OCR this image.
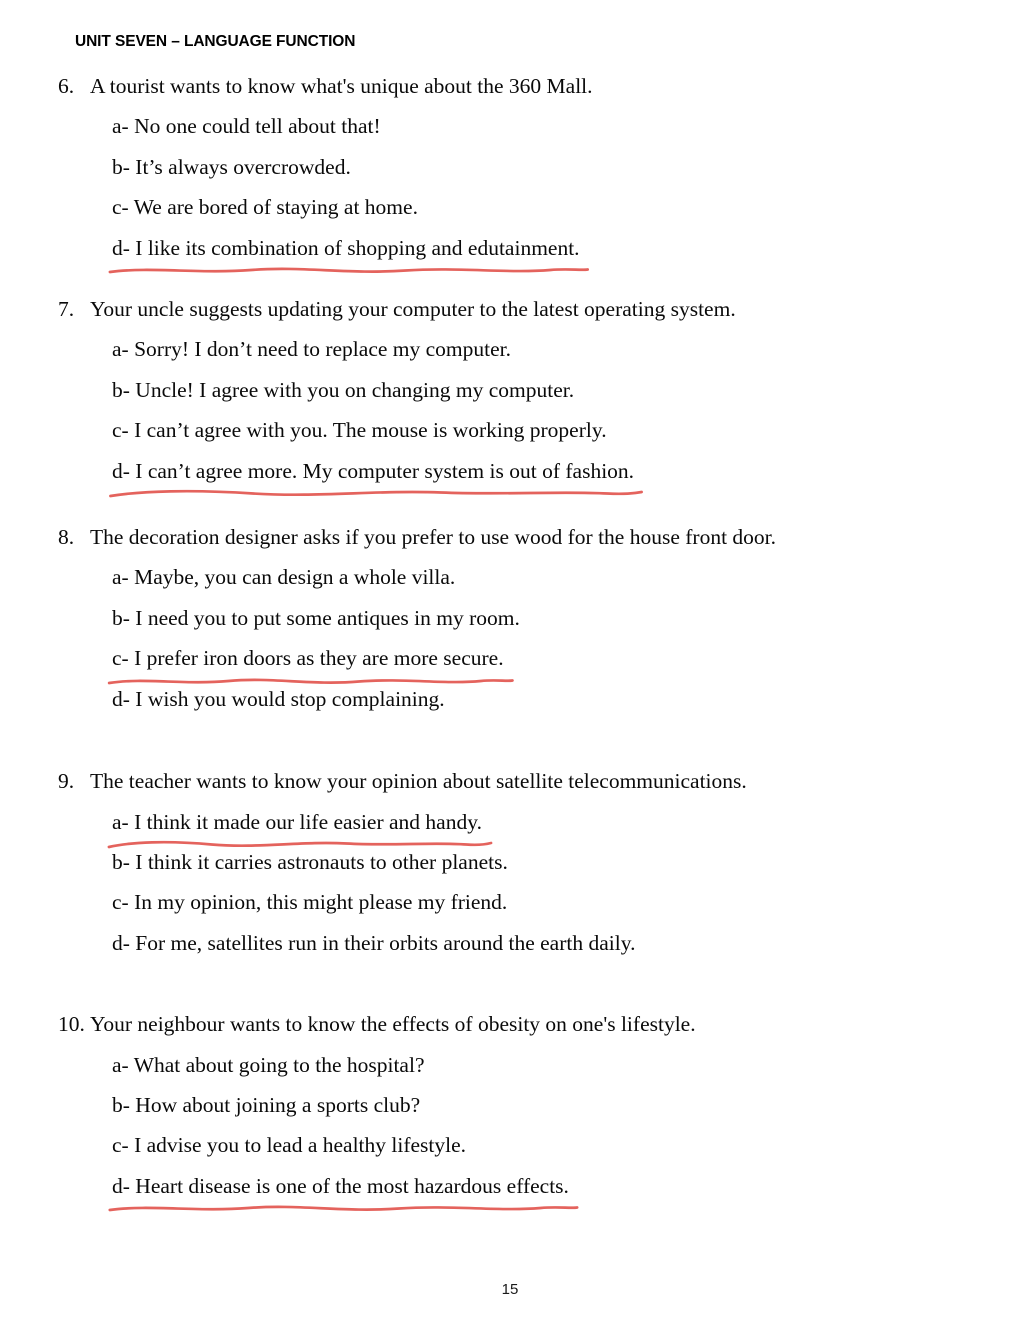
UNIT SEVEN – LANGUAGE FUNCTION
6. A tourist wants to know what's unique about the 360 Mall.
a- No one could tell about that!
b- It’s always overcrowded.
c- We are bored of staying at home.
d- I like its combination of shopping and edutainment.
7. Your uncle suggests updating your computer to the latest operating system.
a- Sorry! I don’t need to replace my computer.
b- Uncle! I agree with you on changing my computer.
c- I can’t agree with you. The mouse is working properly.
d- I can’t agree more. My computer system is out of fashion.
8. The decoration designer asks if you prefer to use wood for the house front door.
a- Maybe, you can design a whole villa.
b- I need you to put some antiques in my room.
c- I prefer iron doors as they are more secure.
d- I wish you would stop complaining.
9. The teacher wants to know your opinion about satellite telecommunications.
a- I think it made our life easier and handy.
b- I think it carries astronauts to other planets.
c- In my opinion, this might please my friend.
d- For me, satellites run in their orbits around the earth daily.
10. Your neighbour wants to know the effects of obesity on one's lifestyle.
a- What about going to the hospital?
b- How about joining a sports club?
c- I advise you to lead a healthy lifestyle.
d- Heart disease is one of the most hazardous effects.
15
